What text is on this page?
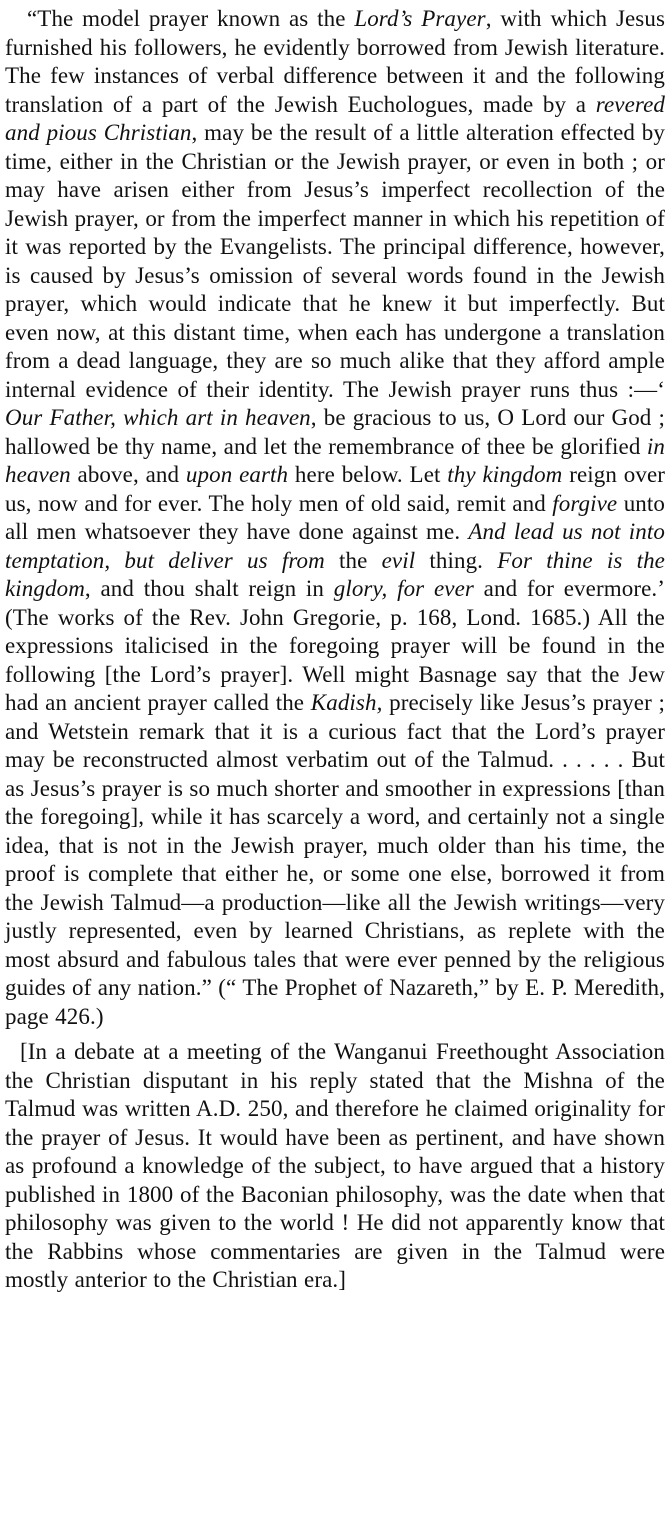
“The model prayer known as the Lord’s Prayer, with which Jesus furnished his followers, he evidently borrowed from Jewish literature. The few instances of verbal difference between it and the following translation of a part of the Jewish Euchologues, made by a revered and pious Christian, may be the result of a little alteration effected by time, either in the Christian or the Jewish prayer, or even in both ; or may have arisen either from Jesus’s imperfect recollection of the Jewish prayer, or from the imperfect manner in which his repetition of it was reported by the Evangelists. The principal difference, however, is caused by Jesus’s omission of several words found in the Jewish prayer, which would indicate that he knew it but imperfectly. But even now, at this distant time, when each has undergone a translation from a dead language, they are so much alike that they afford ample internal evidence of their identity. The Jewish prayer runs thus :—‘ Our Father, which art in heaven, be gracious to us, O Lord our God ; hallowed be thy name, and let the remembrance of thee be glorified in heaven above, and upon earth here below. Let thy kingdom reign over us, now and for ever. The holy men of old said, remit and forgive unto all men whatsoever they have done against me. And lead us not into temptation, but deliver us from the evil thing. For thine is the kingdom, and thou shalt reign in glory, for ever and for evermore.’ (The works of the Rev. John Gregorie, p. 168, Lond. 1685.) All the expressions italicised in the foregoing prayer will be found in the following [the Lord’s prayer]. Well might Basnage say that the Jew had an ancient prayer called the Kadish, precisely like Jesus’s prayer ; and Wetstein remark that it is a curious fact that the Lord’s prayer may be reconstructed almost verbatim out of the Talmud. . . . . . But as Jesus’s prayer is so much shorter and smoother in expressions [than the foregoing], while it has scarcely a word, and certainly not a single idea, that is not in the Jewish prayer, much older than his time, the proof is complete that either he, or some one else, borrowed it from the Jewish Talmud—a production—like all the Jewish writings—very justly represented, even by learned Christians, as replete with the most absurd and fabulous tales that were ever penned by the religious guides of any nation.” (“ The Prophet of Nazareth,” by E. P. Meredith, page 426.)

[In a debate at a meeting of the Wanganui Freethought Association the Christian disputant in his reply stated that the Mishna of the Talmud was written A.D. 250, and therefore he claimed originality for the prayer of Jesus. It would have been as pertinent, and have shown as profound a knowledge of the subject, to have argued that a history published in 1800 of the Baconian philosophy, was the date when that philosophy was given to the world ! He did not apparently know that the Rabbins whose commentaries are given in the Talmud were mostly anterior to the Christian era.]
